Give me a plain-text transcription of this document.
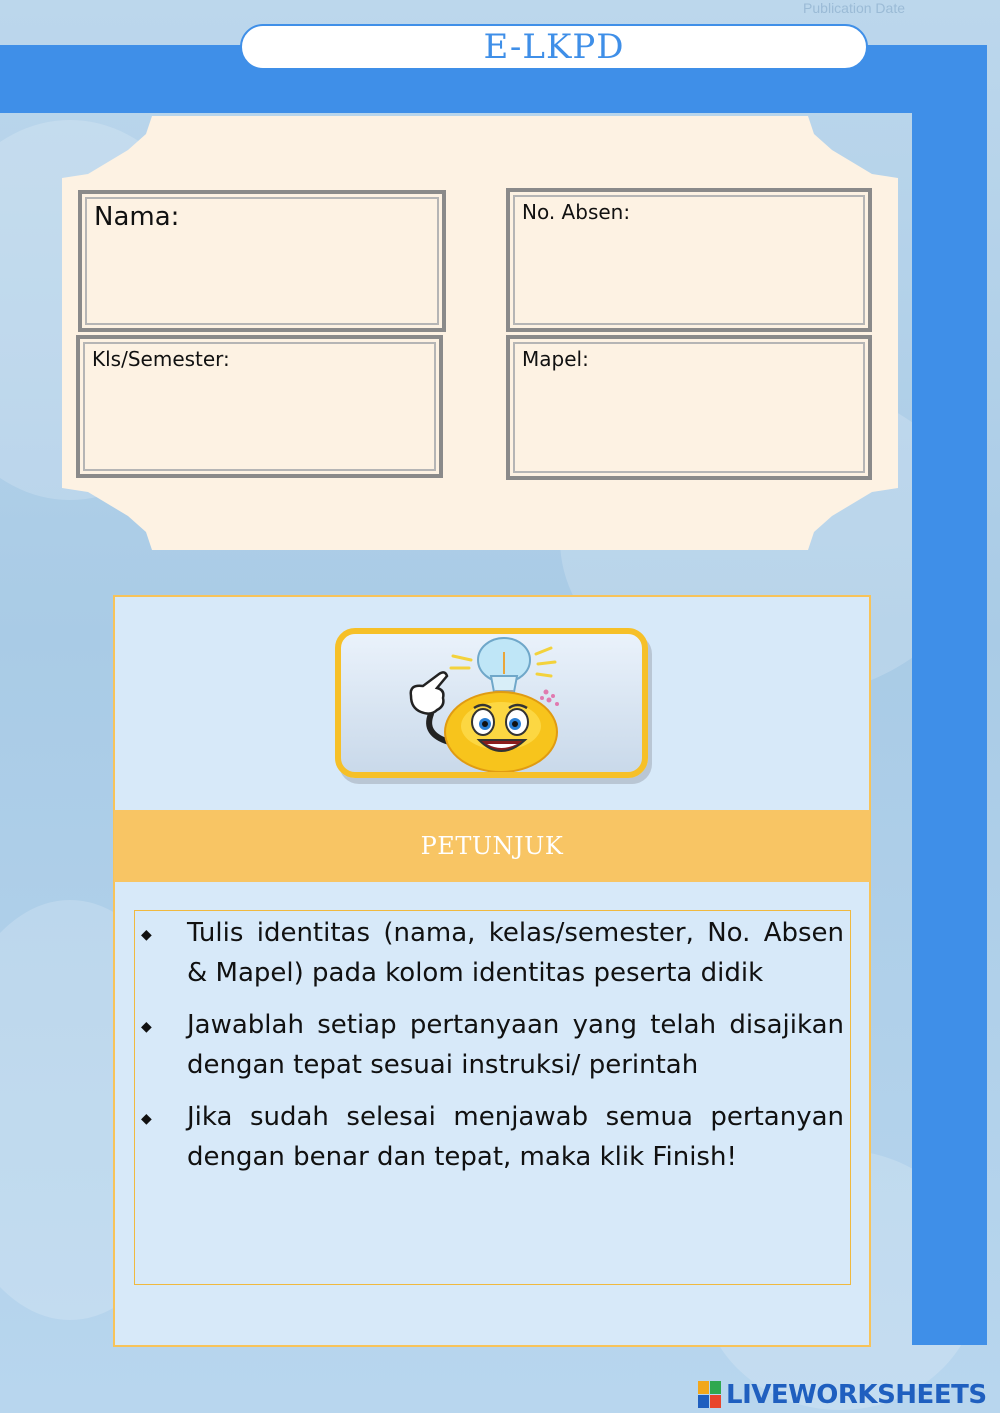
Publication Date
E-LKPD
Nama:	No. Absen:
Kls/Semester:	Mapel:
PETUNJUK
◆ Tulis identitas (nama, kelas/semester, No. Absen & Mapel) pada kolom identitas peserta didik
◆ Jawablah setiap pertanyaan yang telah disajikan dengan tepat sesuai instruksi/ perintah
◆ Jika sudah selesai menjawab semua pertanyan dengan benar dan tepat, maka klik Finish!
LIVEWORKSHEETS
